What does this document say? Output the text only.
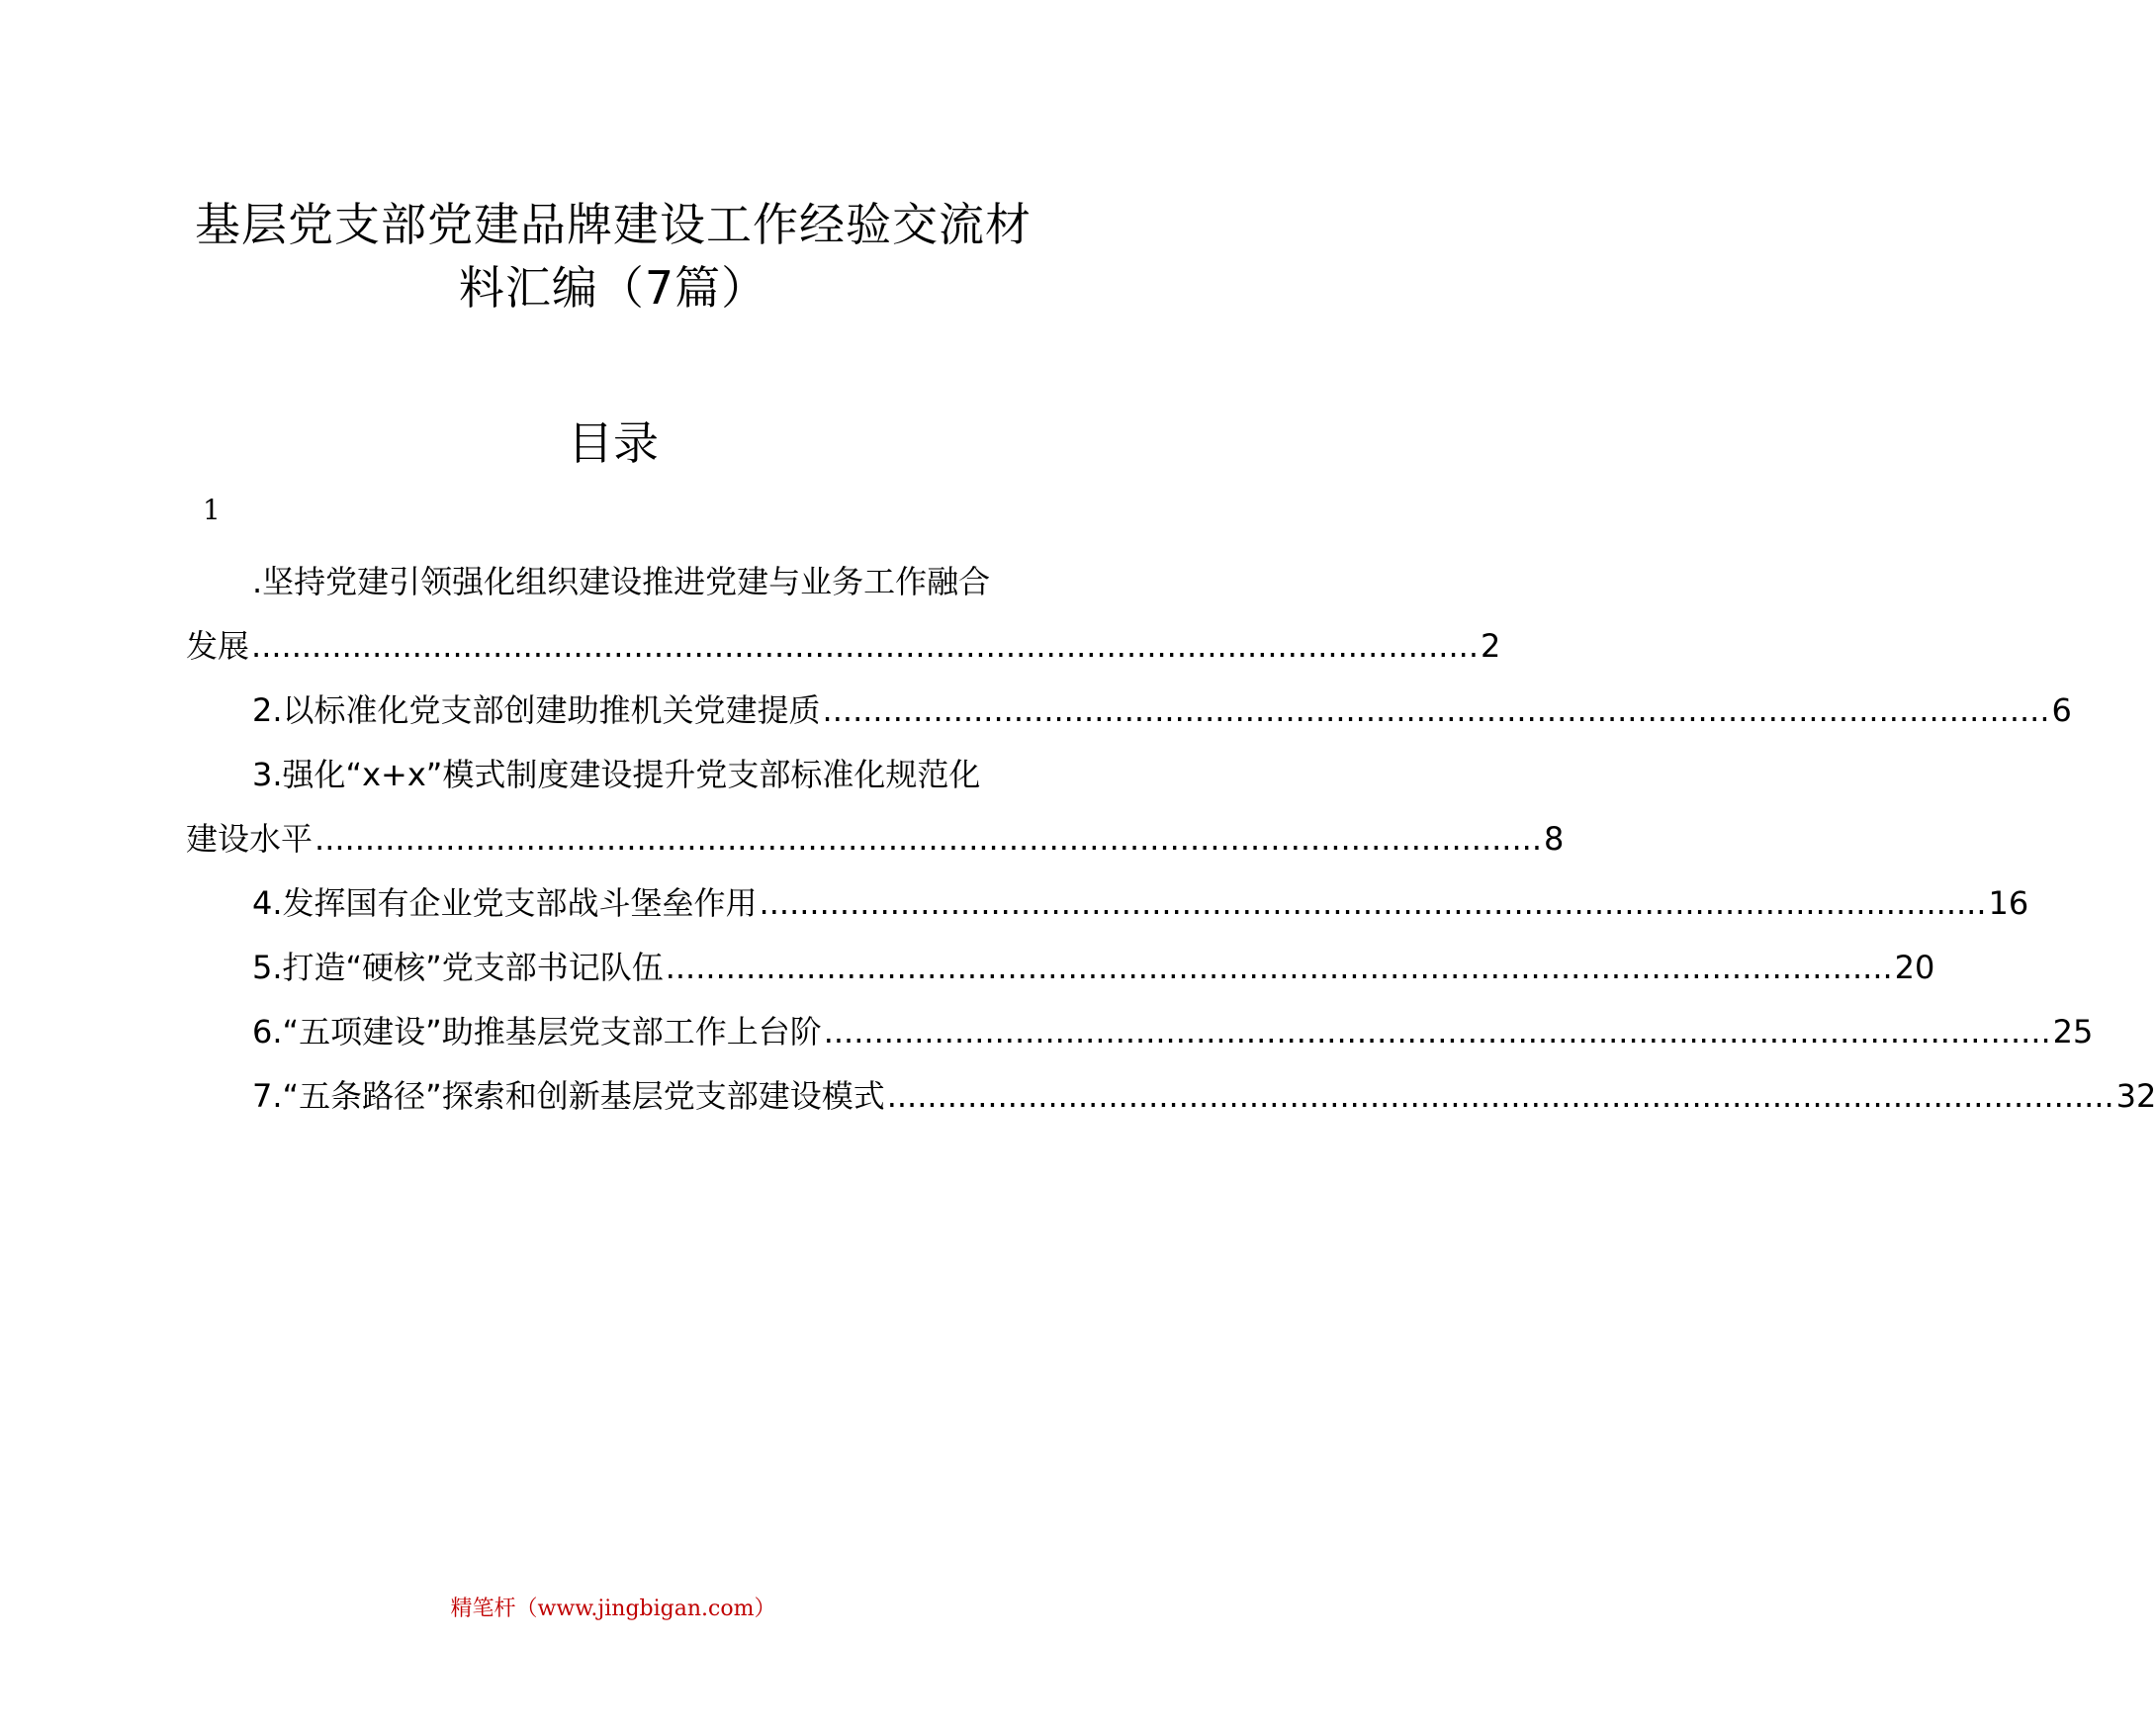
基层党支部党建品牌建设工作经验交流材
料汇编（7篇）
目录
1
.坚持党建引领强化组织建设推进党建与业务工作融合
发展 .......................................................................................................................... 2
2.以标准化党支部创建助推机关党建提质 .......................................................................................................................... 6
3.强化“x+x”模式制度建设提升党支部标准化规范化
建设水平 .......................................................................................................................... 8
4.发挥国有企业党支部战斗堡垒作用 .......................................................................................................................... 16
5.打造“硬核”党支部书记队伍 .......................................................................................................................... 20
6.“五项建设”助推基层党支部工作上台阶 .......................................................................................................................... 25
7.“五条路径”探索和创新基层党支部建设模式 .......................................................................................................................... 32
精笔杆（www.jingbigan.com）
